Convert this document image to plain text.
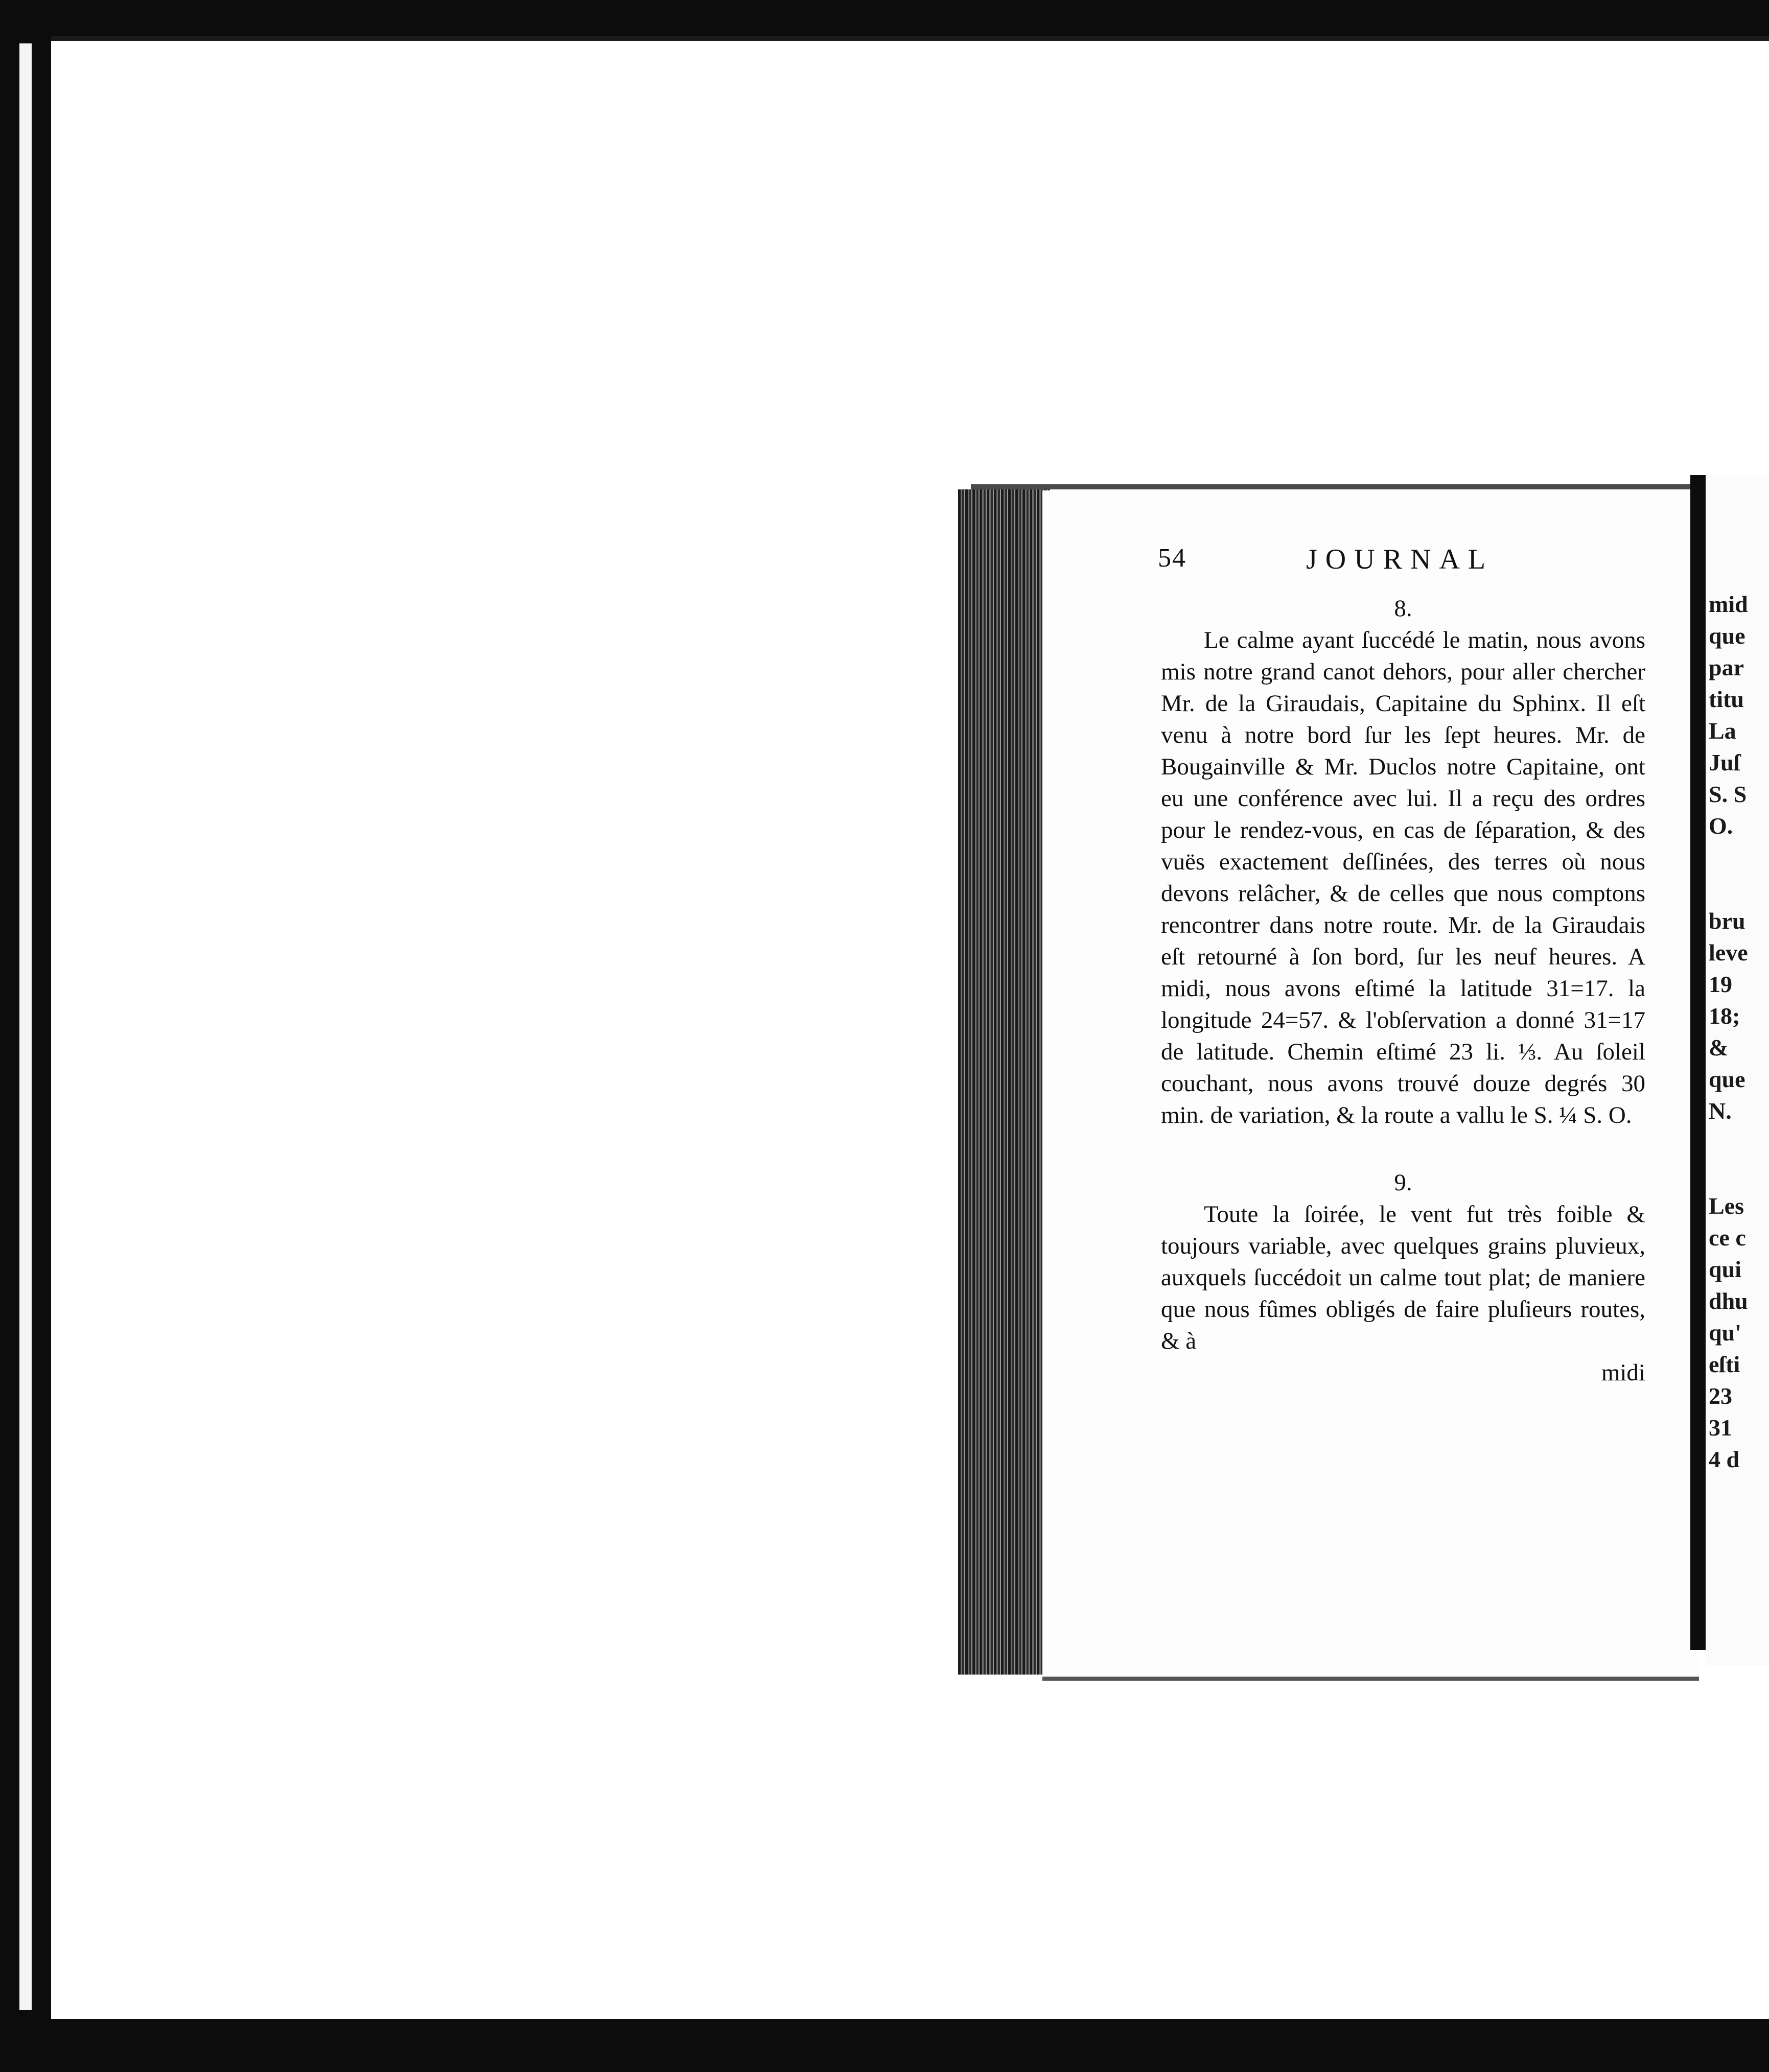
mid
que
par
titu
La
Juſ
S. S
O.

bru
leve
19
18;
&
que
N.

Les
ce c
qui
dhu
qu'
eſti
23
31
4 d

54	JOURNAL
8.

Le calme ayant ſuccédé le matin, nous avons mis notre grand canot dehors, pour aller chercher Mr. de la Giraudais, Capitaine du Sphinx. Il eſt venu à notre bord ſur les ſept heures. Mr. de Bougainville & Mr. Duclos notre Capitaine, ont eu une conférence avec lui. Il a reçu des ordres pour le rendez-vous, en cas de ſéparation, & des vuës exactement deſſinées, des terres où nous devons relâcher, & de celles que nous comptons rencontrer dans notre route. Mr. de la Giraudais eſt retourné à ſon bord, ſur les neuf heures. A midi, nous avons eſtimé la latitude 31=17. la longitude 24=57. & l'obſervation a donné 31=17 de latitude. Chemin eſtimé 23 li. ⅓. Au ſoleil couchant, nous avons trouvé douze degrés 30 min. de variation, & la route a vallu le S. ¼ S. O.

9.

Toute la ſoirée, le vent fut très foible & toujours variable, avec quelques grains pluvieux, auxquels ſuccédoit un calme tout plat; de maniere que nous fûmes obligés de faire pluſieurs routes, & à

midi
